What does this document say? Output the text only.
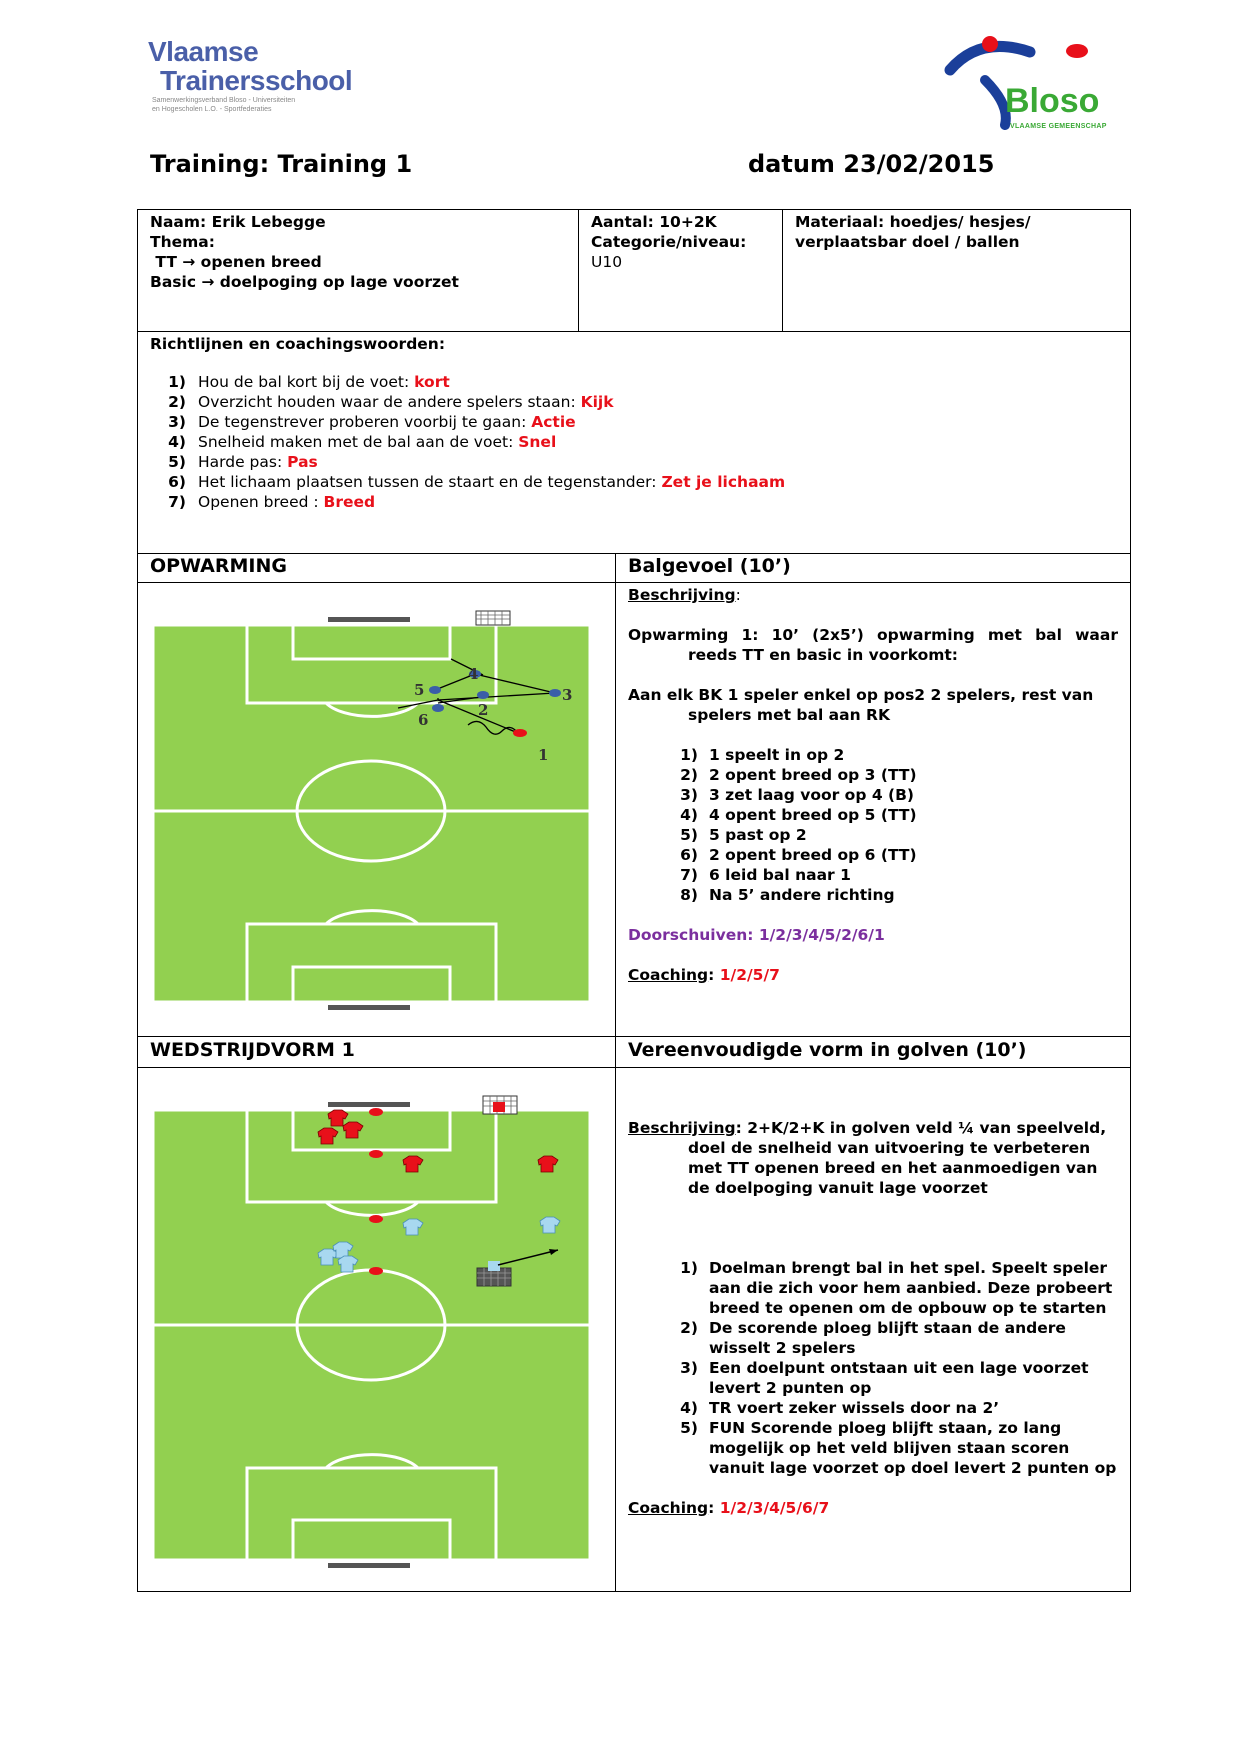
Vlaamse
Trainersschool
Samenwerkingsverband Bloso - Universiteiten
en Hogescholen L.O. - Sportfederaties	Bloso
VLAAMSE GEMEENSCHAP
Training: Training 1	datum 23/02/2015
Naam: Erik Lebegge
Thema:
TT → openen breed
Basic → doelpoging op lage voorzet
Aantal: 10+2K
Categorie/niveau:
U10
Materiaal: hoedjes/ hesjes/ verplaatsbar doel / ballen
Richtlijnen en coachingswoorden:
1) Hou de bal kort bij de voet: kort
2) Overzicht houden waar de andere spelers staan: Kijk
3) De tegenstrever proberen voorbij te gaan: Actie
4) Snelheid maken met de bal aan de voet: Snel
5) Harde pas: Pas
6) Het lichaam plaatsen tussen de staart en de tegenstander: Zet je lichaam
7) Openen breed : Breed
OPWARMING	Balgevoel (10’)
5
4
3
6
2
1
Beschrijving:
Opwarming 1: 10’ (2x5’) opwarming met bal waar reeds TT en basic in voorkomt:
Aan elk BK 1 speler enkel op pos2 2 spelers, rest van spelers met bal aan RK
1) 1 speelt in op 2
2) 2 opent breed op 3 (TT)
3) 3 zet laag voor op 4 (B)
4) 4 opent breed op 5 (TT)
5) 5 past op 2
6) 2 opent breed op 6 (TT)
7) 6 leid bal naar 1
8) Na 5’ andere richting
Doorschuiven: 1/2/3/4/5/2/6/1
Coaching: 1/2/5/7
WEDSTRIJDVORM 1	Vereenvoudigde vorm in golven (10’)
Beschrijving: 2+K/2+K in golven veld ¼ van speelveld, doel de snelheid van uitvoering te verbeteren met TT openen breed en het aanmoedigen van de doelpoging vanuit lage voorzet
1) Doelman brengt bal in het spel. Speelt speler aan die zich voor hem aanbied. Deze probeert breed te openen om de opbouw op te starten
2) De scorende ploeg blijft staan de andere wisselt 2 spelers
3) Een doelpunt ontstaan uit een lage voorzet levert 2 punten op
4) TR voert zeker wissels door na 2’
5) FUN Scorende ploeg blijft staan, zo lang mogelijk op het veld blijven staan scoren vanuit lage voorzet op doel levert 2 punten op
Coaching: 1/2/3/4/5/6/7
